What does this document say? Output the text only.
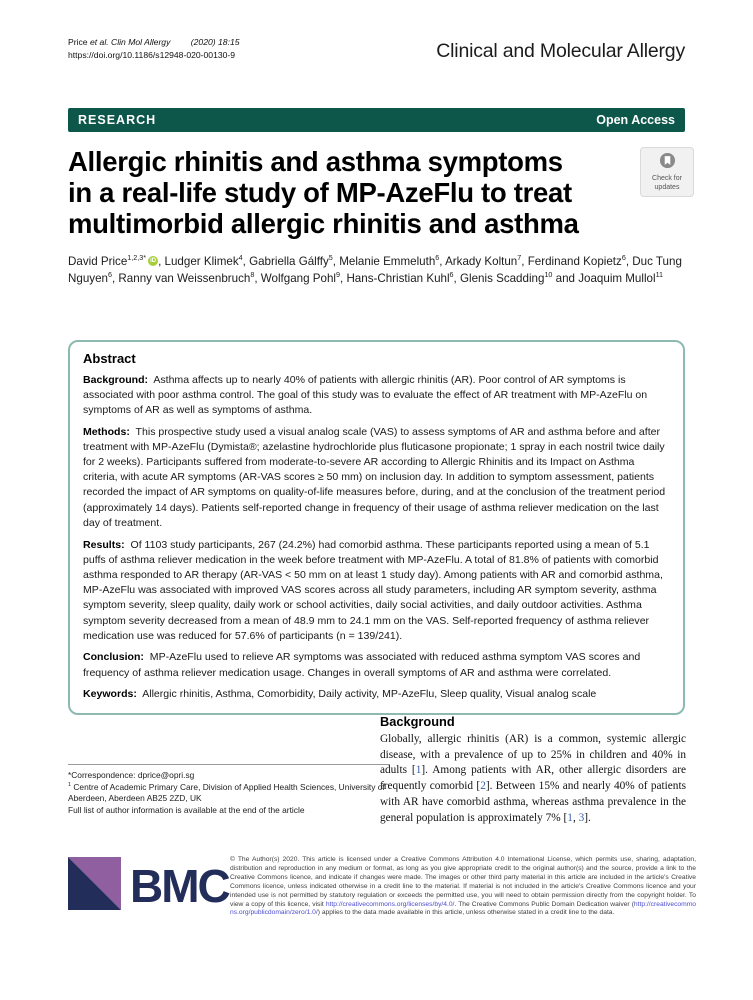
Price et al. Clin Mol Allergy (2020) 18:15
https://doi.org/10.1186/s12948-020-00130-9	Clinical and Molecular Allergy
RESEARCH	Open Access
Allergic rhinitis and asthma symptoms
in a real-life study of MP-AzeFlu to treat
multimorbid allergic rhinitis and asthma
Check for
updates
David Price$^{1,2,3*}$ iD , Ludger Klimek$^4$, Gabriella Gálffy$^5$, Melanie Emmeluth$^6$, Arkady Koltun$^7$, Ferdinand Kopietz$^6$, Duc Tung Nguyen$^6$, Ranny van Weissenbruch$^8$, Wolfgang Pohl$^9$, Hans-Christian Kuhl$^6$, Glenis Scadding$^{10}$ and Joaquim Mullol$^{11}$
Abstract

Background:  Asthma affects up to nearly 40% of patients with allergic rhinitis (AR). Poor control of AR symptoms is associated with poor asthma control. The goal of this study was to evaluate the effect of AR treatment with MP-AzeFlu on symptoms of AR as well as symptoms of asthma.

Methods:  This prospective study used a visual analog scale (VAS) to assess symptoms of AR and asthma before and after treatment with MP-AzeFlu (Dymista®; azelastine hydrochloride plus fluticasone propionate; 1 spray in each nostril twice daily for 2 weeks). Participants suffered from moderate-to-severe AR according to Allergic Rhinitis and its Impact on Asthma criteria, with acute AR symptoms (AR-VAS scores ≥ 50 mm) on inclusion day. In addition to symptom assessment, patients recorded the impact of AR symptoms on quality-of-life measures before, during, and at the conclusion of the treatment period (approximately 14 days). Patients self-reported change in frequency of their usage of asthma reliever medication on the last day of treatment.

Results:  Of 1103 study participants, 267 (24.2%) had comorbid asthma. These participants reported using a mean of 5.1 puffs of asthma reliever medication in the week before treatment with MP-AzeFlu. A total of 81.8% of patients with comorbid asthma responded to AR therapy (AR-VAS < 50 mm on at least 1 study day). Among patients with AR and comorbid asthma, MP-AzeFlu was associated with improved VAS scores across all study parameters, including AR symptom severity, asthma symptom severity, sleep quality, daily work or school activities, daily social activities, and daily outdoor activities. Asthma symptom severity decreased from a mean of 48.9 mm to 24.1 mm on the VAS. Self-reported frequency of asthma reliever medication use was reduced for 57.6% of participants (n = 139/241).

Conclusion:  MP-AzeFlu used to relieve AR symptoms was associated with reduced asthma symptom VAS scores and frequency of asthma reliever medication usage. Changes in overall symptoms of AR and asthma were correlated.

Keywords:  Allergic rhinitis, Asthma, Comorbidity, Daily activity, MP-AzeFlu, Sleep quality, Visual analog scale

Background

Globally, allergic rhinitis (AR) is a common, systemic allergic disease, with a prevalence of up to 25% in children and 40% in adults [1]. Among patients with AR, other allergic disorders are frequently comorbid [2]. Between 15% and nearly 40% of patients with AR have comorbid asthma, whereas asthma prevalence in the general population is approximately 7% [1, 3].

*Correspondence: dprice@opri.sg
$^1$ Centre of Academic Primary Care, Division of Applied Health Sciences, University of Aberdeen, Aberdeen AB25 2ZD, UK
Full list of author information is available at the end of the article
BMC © The Author(s) 2020. This article is licensed under a Creative Commons Attribution 4.0 International License, which permits use, sharing, adaptation, distribution and reproduction in any medium or format, as long as you give appropriate credit to the original author(s) and the source, provide a link to the Creative Commons licence, and indicate if changes were made. The images or other third party material in this article are included in the article's Creative Commons licence, unless indicated otherwise in a credit line to the material. If material is not included in the article's Creative Commons licence and your intended use is not permitted by statutory regulation or exceeds the permitted use, you will need to obtain permission directly from the copyright holder. To view a copy of this licence, visit http://creativecommons.org/licenses/by/4.0/. The Creative Commons Public Domain Dedication waiver (http://creativecommons.org/publicdomain/zero/1.0/) applies to the data made available in this article, unless otherwise stated in a credit line to the data.
